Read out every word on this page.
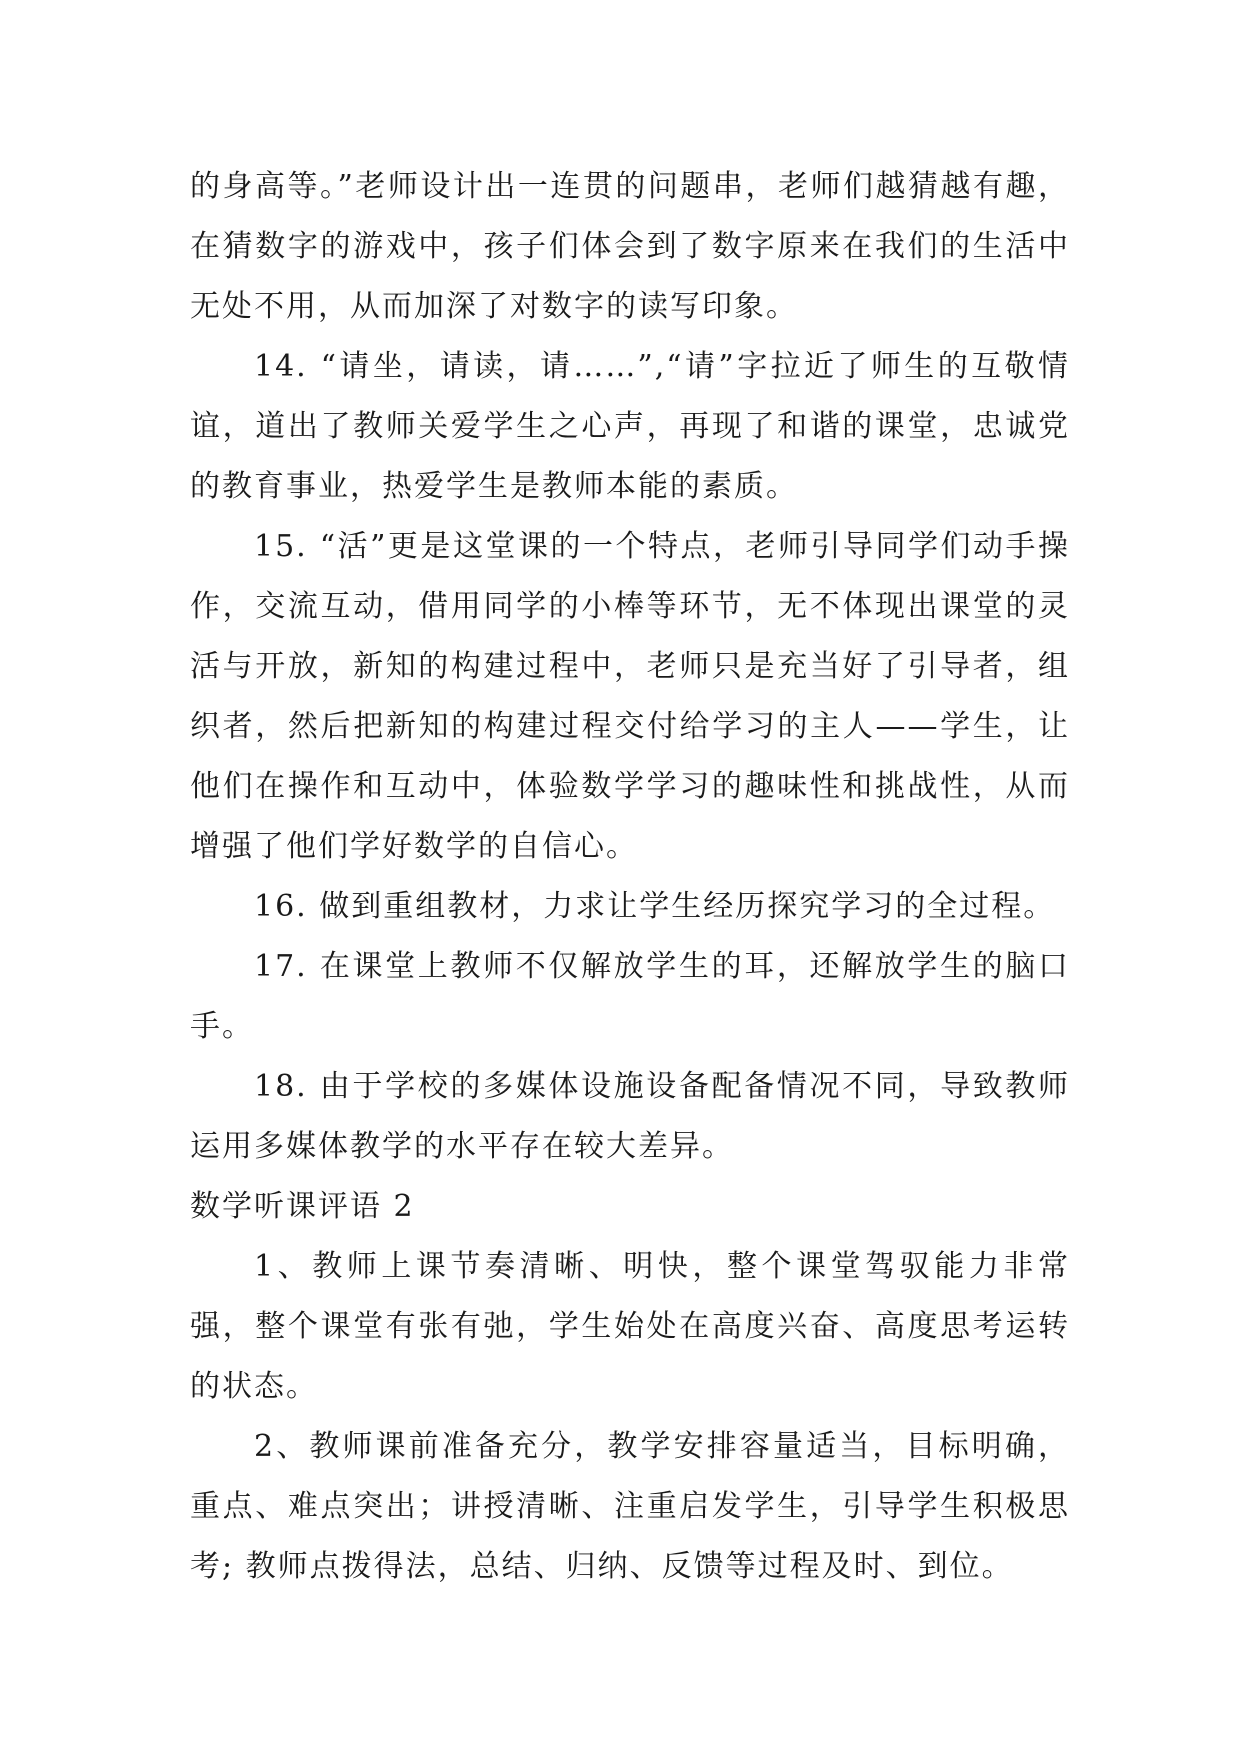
的身高等。”老师设计出一连贯的问题串，老师们越猜越有趣，在猜数字的游戏中，孩子们体会到了数字原来在我们的生活中无处不用，从而加深了对数字的读写印象。

14. “请坐，请读，请……”,“请”字拉近了师生的互敬情谊，道出了教师关爱学生之心声，再现了和谐的课堂，忠诚党的教育事业，热爱学生是教师本能的素质。

15. “活”更是这堂课的一个特点，老师引导同学们动手操作，交流互动，借用同学的小棒等环节，无不体现出课堂的灵活与开放，新知的构建过程中，老师只是充当好了引导者，组织者，然后把新知的构建过程交付给学习的主人——学生，让他们在操作和互动中，体验数学学习的趣味性和挑战性，从而增强了他们学好数学的自信心。

16. 做到重组教材，力求让学生经历探究学习的全过程。

17. 在课堂上教师不仅解放学生的耳，还解放学生的脑口手。

18. 由于学校的多媒体设施设备配备情况不同，导致教师运用多媒体教学的水平存在较大差异。

数学听课评语 2

1、教师上课节奏清晰、明快，整个课堂驾驭能力非常强，整个课堂有张有弛，学生始处在高度兴奋、高度思考运转的状态。

2、教师课前准备充分，教学安排容量适当，目标明确，重点、难点突出；讲授清晰、注重启发学生，引导学生积极思考; 教师点拨得法，总结、归纳、反馈等过程及时、到位。
